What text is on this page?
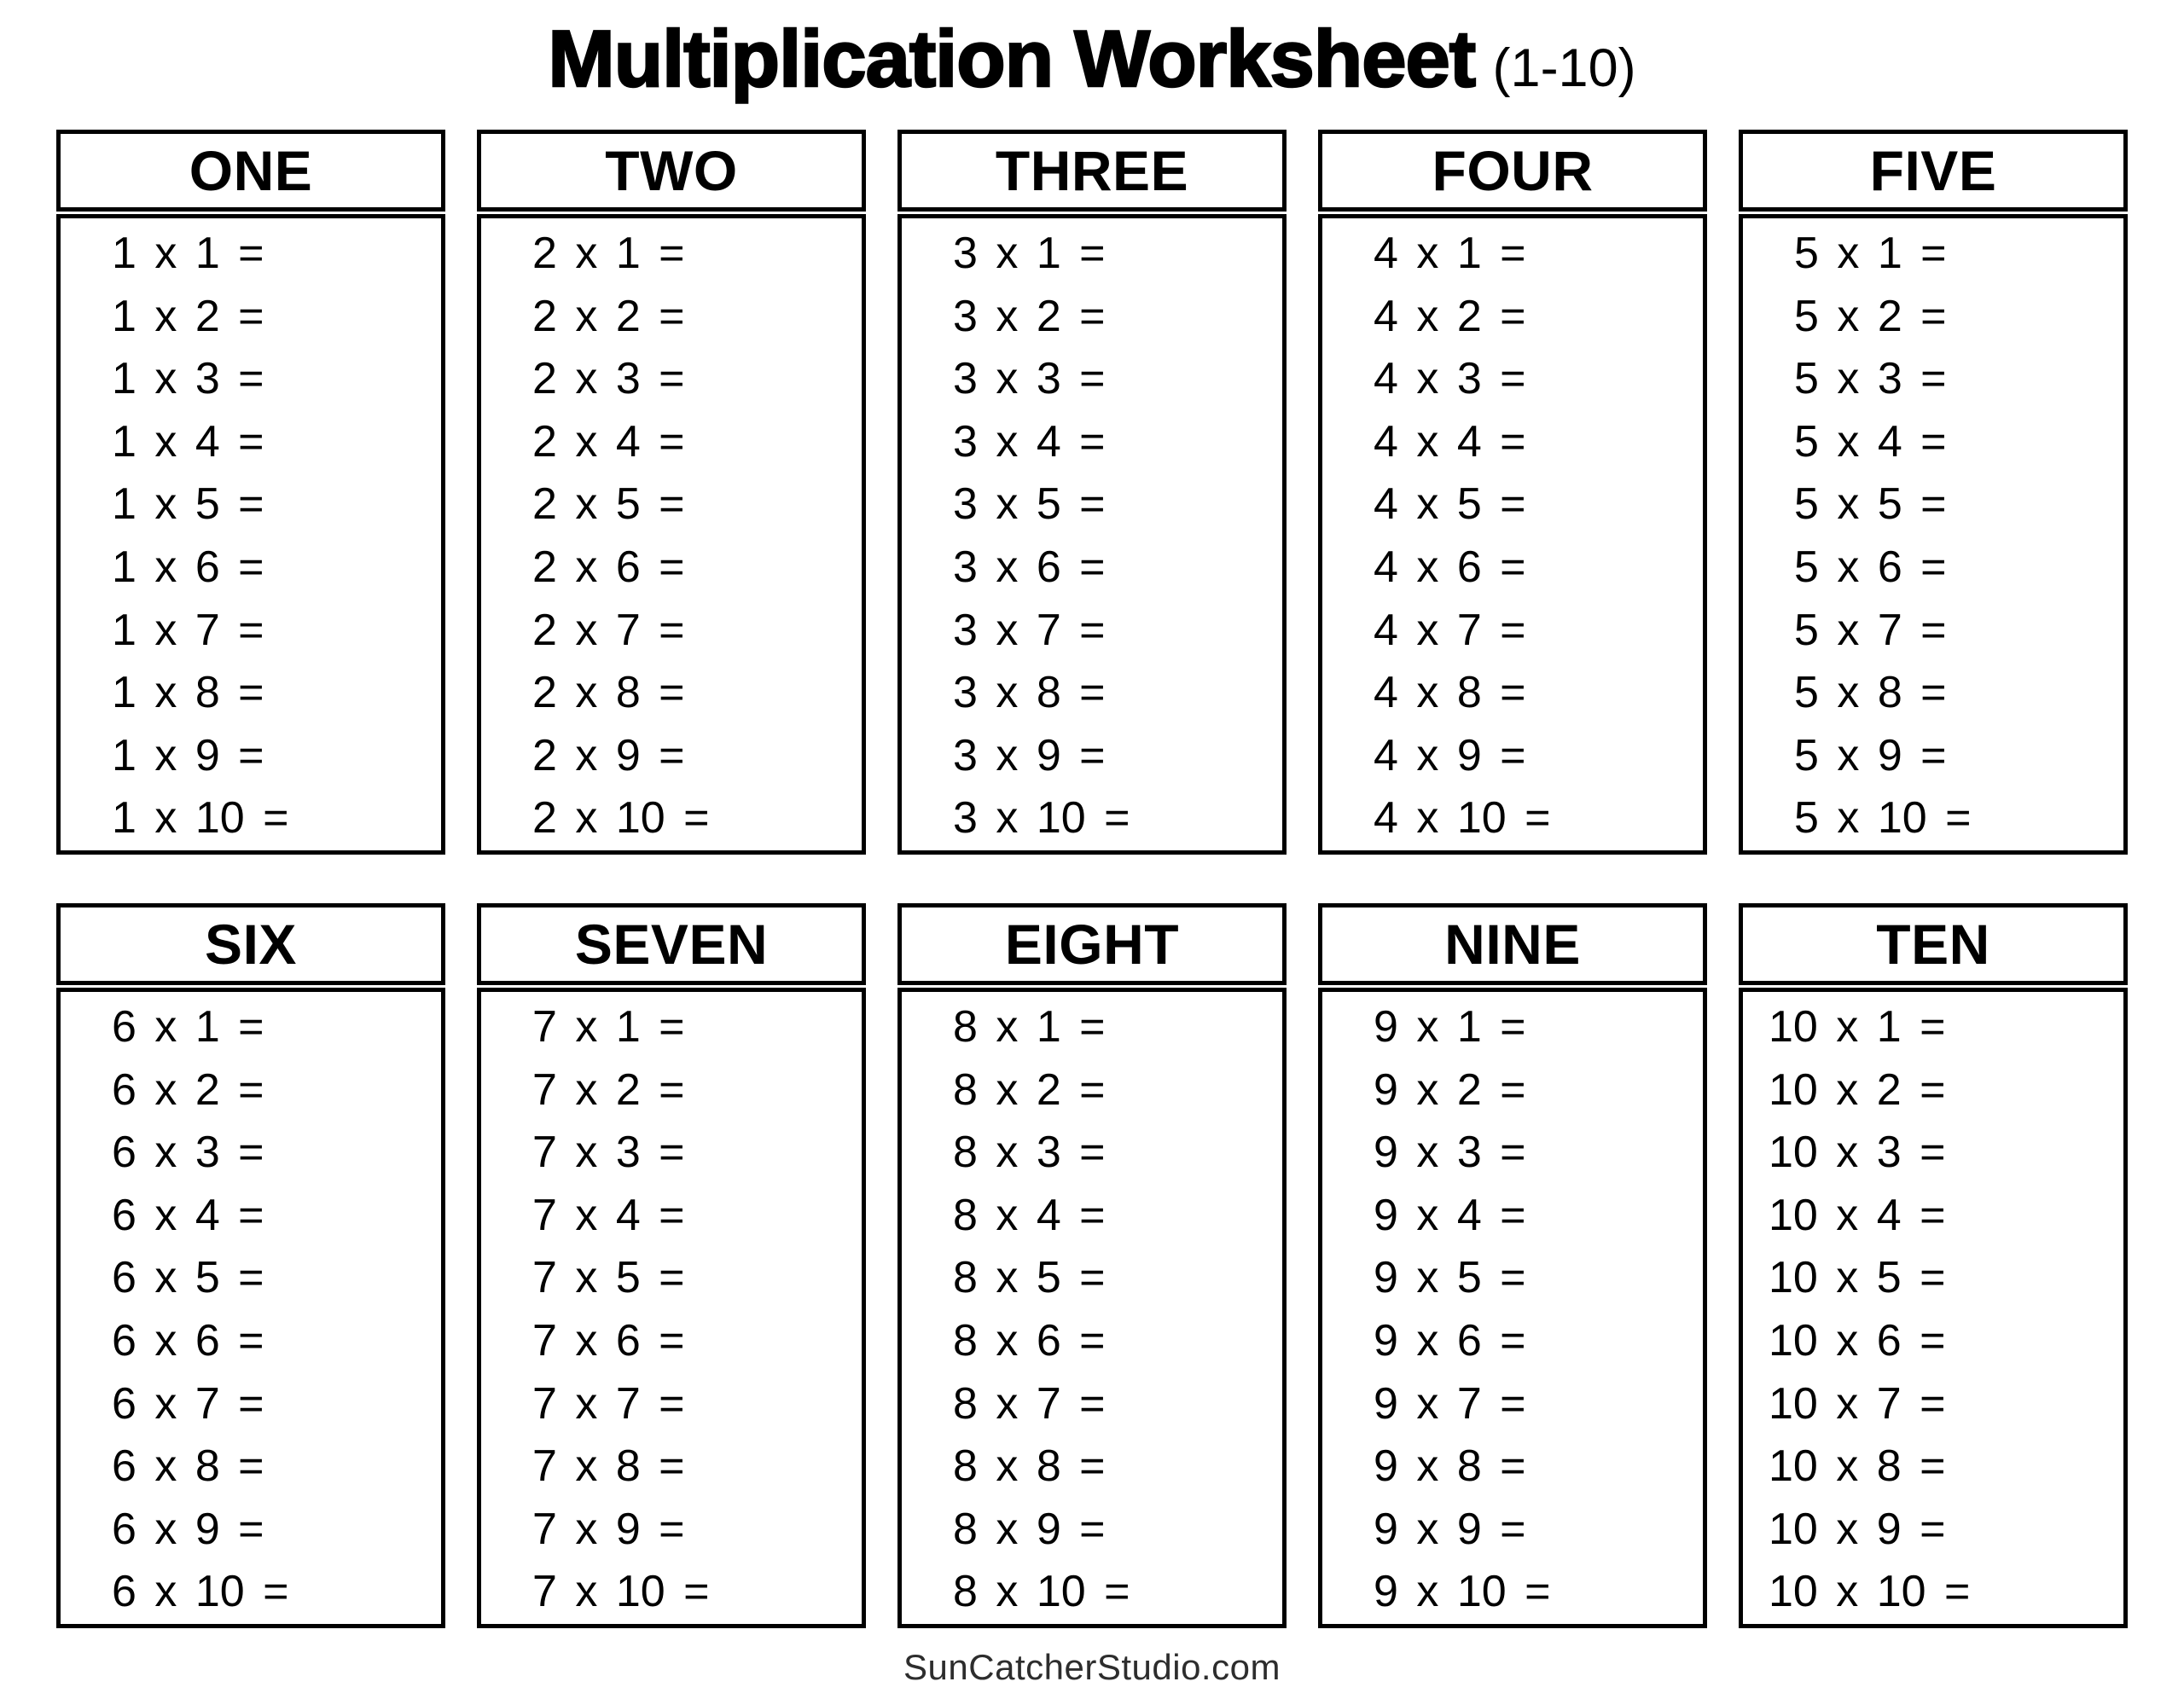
Multiplication Worksheet (1-10)
ONE
1 x 1 =
1 x 2 =
1 x 3 =
1 x 4 =
1 x 5 =
1 x 6 =
1 x 7 =
1 x 8 =
1 x 9 =
1 x 10 =
TWO
2 x 1 =
2 x 2 =
2 x 3 =
2 x 4 =
2 x 5 =
2 x 6 =
2 x 7 =
2 x 8 =
2 x 9 =
2 x 10 =
THREE
3 x 1 =
3 x 2 =
3 x 3 =
3 x 4 =
3 x 5 =
3 x 6 =
3 x 7 =
3 x 8 =
3 x 9 =
3 x 10 =
FOUR
4 x 1 =
4 x 2 =
4 x 3 =
4 x 4 =
4 x 5 =
4 x 6 =
4 x 7 =
4 x 8 =
4 x 9 =
4 x 10 =
FIVE
5 x 1 =
5 x 2 =
5 x 3 =
5 x 4 =
5 x 5 =
5 x 6 =
5 x 7 =
5 x 8 =
5 x 9 =
5 x 10 =
SIX
6 x 1 =
6 x 2 =
6 x 3 =
6 x 4 =
6 x 5 =
6 x 6 =
6 x 7 =
6 x 8 =
6 x 9 =
6 x 10 =
SEVEN
7 x 1 =
7 x 2 =
7 x 3 =
7 x 4 =
7 x 5 =
7 x 6 =
7 x 7 =
7 x 8 =
7 x 9 =
7 x 10 =
EIGHT
8 x 1 =
8 x 2 =
8 x 3 =
8 x 4 =
8 x 5 =
8 x 6 =
8 x 7 =
8 x 8 =
8 x 9 =
8 x 10 =
NINE
9 x 1 =
9 x 2 =
9 x 3 =
9 x 4 =
9 x 5 =
9 x 6 =
9 x 7 =
9 x 8 =
9 x 9 =
9 x 10 =
TEN
10 x 1 =
10 x 2 =
10 x 3 =
10 x 4 =
10 x 5 =
10 x 6 =
10 x 7 =
10 x 8 =
10 x 9 =
10 x 10 =
SunCatcherStudio.com
